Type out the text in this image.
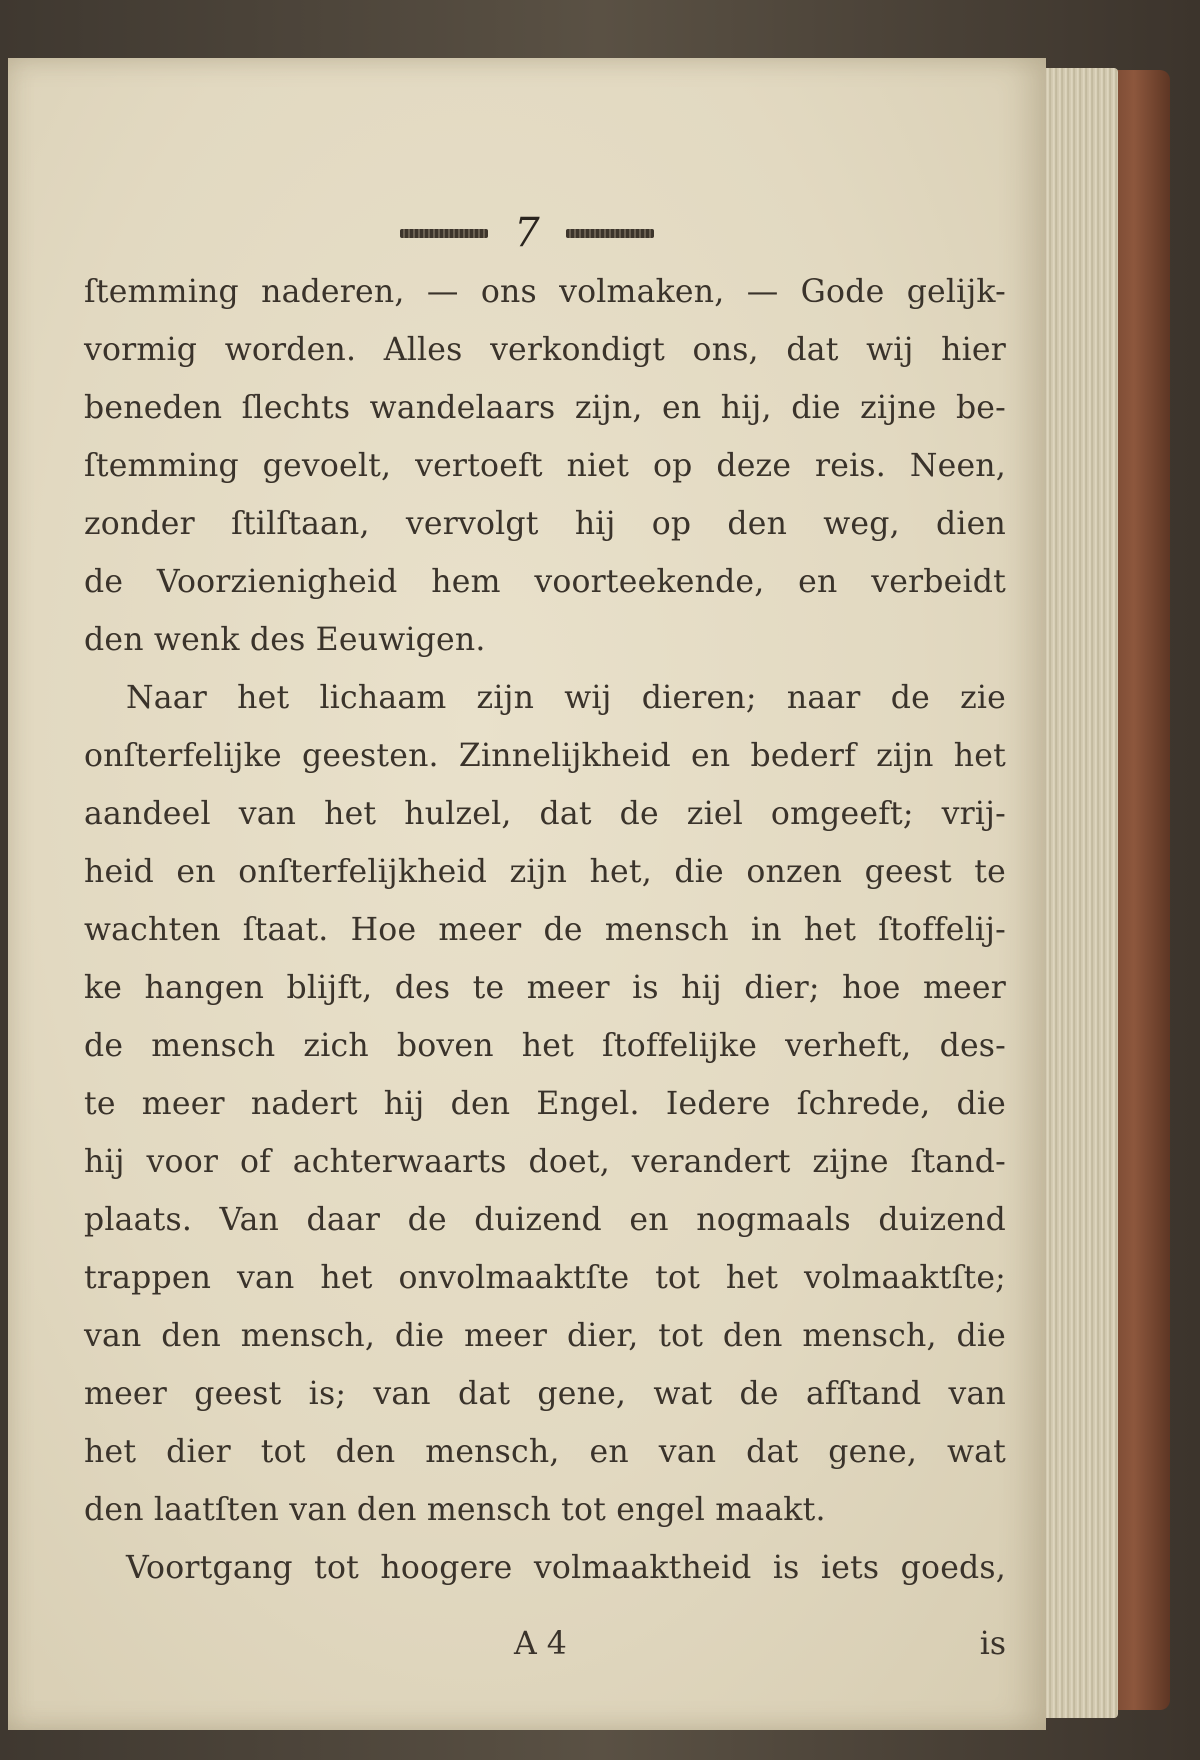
7
ſtemming naderen, — ons volmaken, — Gode gelijk-
vormig worden. Alles verkondigt ons, dat wij hier
beneden ſlechts wandelaars zijn, en hij, die zijne be-
ſtemming gevoelt, vertoeft niet op deze reis. Neen,
zonder ſtilſtaan, vervolgt hij op den weg, dien
de Voorzienigheid hem voorteekende, en verbeidt
den wenk des Eeuwigen.
Naar het lichaam zijn wij dieren; naar de zie
onſterfelijke geesten. Zinnelijkheid en bederf zijn het
aandeel van het hulzel, dat de ziel omgeeft; vrij-
heid en onſterfelijkheid zijn het, die onzen geest te
wachten ſtaat. Hoe meer de mensch in het ſtoffelij-
ke hangen blijft, des te meer is hij dier; hoe meer
de mensch zich boven het ſtoffelijke verheft, des-
te meer nadert hij den Engel. Iedere ſchrede, die
hij voor of achterwaarts doet, verandert zijne ſtand-
plaats. Van daar de duizend en nogmaals duizend
trappen van het onvolmaaktſte tot het volmaaktſte;
van den mensch, die meer dier, tot den mensch, die
meer geest is; van dat gene, wat de afſtand van
het dier tot den mensch, en van dat gene, wat
den laatſten van den mensch tot engel maakt.
Voortgang tot hoogere volmaaktheid is iets goeds,
A 4	is
